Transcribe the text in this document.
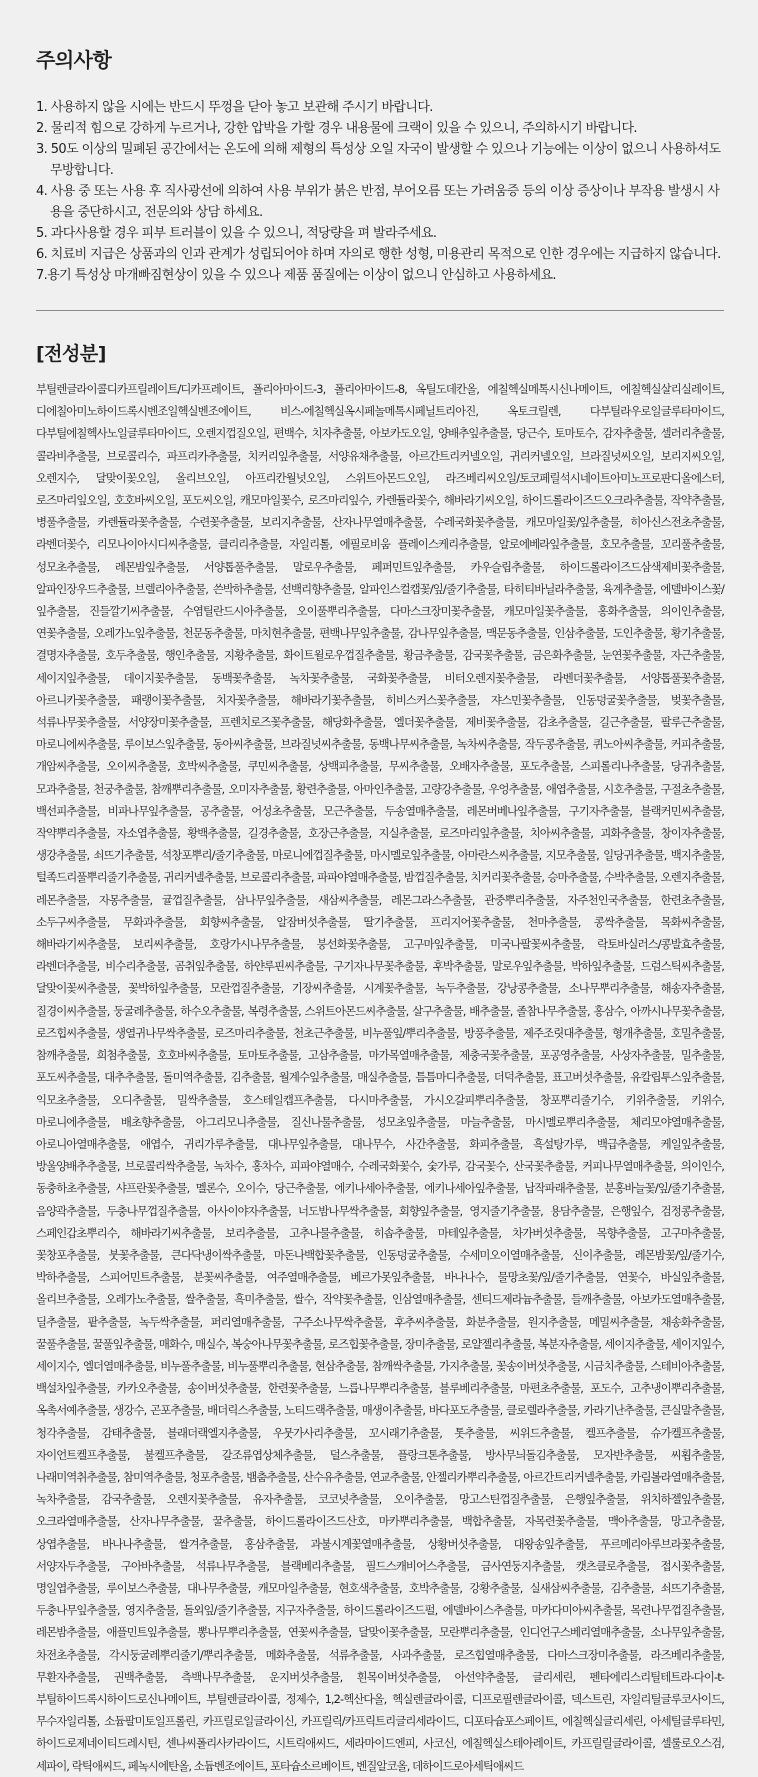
주의사항
1. 사용하지 않을 시에는 반드시 뚜껑을 닫아 놓고 보관해 주시기 바랍니다.
2. 물리적 힘으로 강하게 누르거나, 강한 압박을 가할 경우 내용물에 크랙이 있을 수 있으니, 주의하시기 바랍니다.
3. 50도 이상의 밀폐된 공간에서는 온도에 의해 제형의 특성상 오일 자국이 발생할 수 있으나 기능에는 이상이 없으니 사용하셔도 무방합니다.
4. 사용 중 또는 사용 후 직사광선에 의하여 사용 부위가 붉은 반점, 부어오름 또는 가려움증 등의 이상 증상이나 부작용 발생시 사용을 중단하시고, 전문의와 상담 하세요.
5. 과다사용할 경우 피부 트러블이 있을 수 있으니, 적당량을 펴 발라주세요.
6. 치료비 지급은 상품과의 인과 관계가 성립되어야 하며 자의로 행한 성형, 미용관리 목적으로 인한 경우에는 지급하지 않습니다.
7.용기 특성상 마개빠짐현상이 있을 수 있으나 제품 품질에는 이상이 없으니 안심하고 사용하세요.
[전성분]

부틸렌글라이콜디카프릴레이트/디카프레이트, 폴리아마이드-3, 폴리아마이드-8, 옥틸도데칸올, 에칠헥실메톡시신나메이트, 에칠헥실살리실레이트, 디에칠아미노하이드록시벤조일헥실벤조에이트, 비스-에칠헥실옥시페놀메톡시페닐트리아진, 옥토크릴렌, 다부틸라우로일글루타마이드, 다부틸에칠헥사노일글루타마이드, 오렌지껍질오일, 편백수, 치자추출물, 아보카도오일, 양배추잎추출물, 당근수, 토마토수, 감자추출물, 셀러리추출물, 콜라비추출물, 브로콜리수, 파프리카추출물, 치커리잎추출물, 서양유채추출물, 아르간트리커넬오일, 귀리커넬오일, 브라질넛씨오일, 보리지씨오일, 오렌지수, 달맞이꽃오일, 올리브오일, 아프리칸월넛오일, 스위트아몬드오일, 라즈베리씨오일/토코페릴석시네이트아미노프로판디올에스터, 로즈마리잎오일, 호호바씨오일, 포도씨오일, 캐모마일꽃수, 로즈마리잎수, 카렌듈라꽃수, 해바라기씨오일, 하이드롤라이즈드오크라추출물, 작약추출물, 병풀추출물, 카렌듈라꽃추출물, 수련꽃추출물, 보리지추출물, 산자나무열매추출물, 수레국화꽃추출물, 캐모마일꽃/잎추출물, 히아신스전초추출물, 라벤더꽃수, 리모나이아시디씨추출물, 클리리추출물, 자일리톨, 에필로비움 플레이스케리추출물, 알로에베라잎추출물, 호모추출물, 꼬리풀추출물, 성모초추출물, 레몬밤잎추출물, 서양톱풀추출물, 말로우추출물, 페퍼민트잎추출물, 카우슬립추출물, 하이드롤라이즈드삼색제비꽃추출물, 알파인장우드추출물, 브렐리아추출물, 쓴박하추출물, 선백리향추출물, 알파인스컬캡꽃/잎/줄기추출물, 타히티바닐라추출물, 육계추출물, 에델바이스꽃/잎추출물, 진들깔기씨추출물, 수염틸란드시아추출물, 오이풀뿌리추출물, 다마스크장미꽃추출물, 캐모마일꽃추출물, 홍화추출물, 의이인추출물, 연꽃추출물, 오레가노잎추출물, 천문동추출물, 마치현추출물, 편백나무잎추출물, 감나무잎추출물, 맥문동추출물, 인삼추출물, 도인추출물, 황기추출물, 결명자추출물, 호두추출물, 행인추출물, 지황추출물, 화이트윌로우껍질추출물, 황금추출물, 감국꽃추출물, 금은화추출물, 눈연꽃추출물, 자근추출물, 세이지잎추출물, 데이지꽃추출물, 동백꽃추출물, 녹차꽃추출물, 국화꽃추출물, 비터오렌지꽃추출물, 라벤더꽃추출물, 서양톱풀꽃추출물, 아르니카꽃추출물, 패랭이꽃추출물, 치자꽃추출물, 해바라기꽃추출물, 히비스커스꽃추출물, 쟈스민꽃추출물, 인동덩굴꽃추출물, 벚꽃추출물, 석류나무꽃추출물, 서양장미꽃추출물, 프렌치로즈꽃추출물, 해당화추출물, 엘더꽃추출물, 제비꽃추출물, 감초추출물, 길근추출물, 팔루근추출물, 마로니에씨추출물, 루이보스잎추출물, 동아씨추출물, 브라질넛씨추출물, 동백나무씨추출물, 녹차씨추출물, 작두콩추출물, 퀴노아씨추출물, 커피추출물, 개암씨추출물, 오이씨추출물, 호박씨추출물, 쿠민씨추출물, 상백피추출물, 무씨추출물, 오배자추출물, 포도추출물, 스피롤리나추출물, 당귀추출물, 모과추출물, 천궁추출물, 참깨뿌리추출물, 오미자추출물, 황련추출물, 아마인추출물, 고량강추출물, 우엉추출물, 애엽추출물, 시호추출물, 구절초추출물, 백선피추출물, 비파나무잎추출물, 공추출물, 어성초추출물, 모근추출물, 두송열매추출물, 레몬버베나잎추출물, 구기자추출물, 블랙커민씨추출물, 작약뿌리추출물, 자소엽추출물, 황백추출물, 길경추출물, 호장근추출물, 지실추출물, 로즈마리잎추출물, 치아씨추출물, 괴화추출물, 창이자추출물, 생강추출물, 쇠뜨기추출물, 석창포뿌리/줄기추출물, 마로니에껍질추출물, 마시멜로잎추출물, 아마란스씨추출물, 지모추출물, 일당귀추출물, 백지추출물, 털족드리풀뿌리줄기추출물, 귀리커넬추출물, 브로콜리추출물, 파파야열매추출물, 밤껍질추출물, 치커리꽃추출물, 승마추출물, 수박추출물, 오렌지추출물, 레몬추출물, 자몽추출물, 귤껍질추출물, 삼나무잎추출물, 새삼씨추출물, 레몬그라스추출물, 관중뿌리추출물, 자주천인국추출물, 한련초추출물, 소두구씨추출물, 무화과추출물, 회향씨추출물, 알잠버섯추출물, 딸기추출물, 프리지어꽃추출물, 천마추출물, 콩싹추출물, 목화씨추출물, 해바라기씨추출물, 보리씨추출물, 호랑가시나무추출물, 붕선화꽃추출물, 고구마잎추출물, 미국나팔꽃씨추출물, 락토바실러스/콩발효추출물, 라벤더추출물, 비수리추출물, 곰취잎추출물, 하얀루핀씨추출물, 구기자나무꽃추출물, 후박추출물, 말로우잎추출물, 박하잎추출물, 드럼스틱씨추출물, 달맞이꽃씨추출물, 꽃박하잎추출물, 모란껍질추출물, 기장씨추출물, 시계꽃추출물, 녹두추출물, 강낭콩추출물, 소나무뿌리추출물, 해송자추출물, 질경이씨추출물, 둥굴레추출물, 하수오추출물, 복령추출물, 스위트아몬드씨추출물, 살구추출물, 배추출물, 졸참나무추출물, 홍삼수, 아까시나무꽃추출물, 로즈힙씨추출물, 생열귀나무싹추출물, 로즈마리추출물, 천초근추출물, 비누풀잎/뿌리추출물, 방풍추출물, 제주조릿대추출물, 형개추출물, 호밀추출물, 참깨추출물, 희첨추출물, 호호바씨추출물, 토마토추출물, 고삼추출물, 마가목열매추출물, 제충국꽃추출물, 포공영추출물, 사상자추출물, 밀추출물, 포도씨추출물, 대추추출물, 돌미역추출물, 김추출물, 월계수잎추출물, 매실추출물, 틈틈마디추출물, 더덕추출물, 표고버섯추출물, 유칼립투스잎추출물, 익모초추출물, 오디추출물, 밀싹추출물, 호스테일캡프추출물, 다시마추출물, 가시오갈피뿌리추출물, 창포뿌리줄기수, 키위추출물, 키위수, 마로니에추출물, 배초향추출물, 아그리모니추출물, 질신나물추출물, 성모초잎추출물, 마늘추출물, 마시멜로뿌리추출물, 체리모야열매추출물, 아로니아열매추출물, 애엽수, 귀리가루추출물, 대나무잎추출물, 대나무수, 사간추출물, 화피추출물, 흑설탕가루, 백급추출물, 케일잎추출물, 방울양배추추출물, 브로콜리싹추출물, 녹차수, 홍차수, 피파야열매수, 수레국화꽃수, 숯가루, 감국꽃수, 산국꽃추출물, 커피나무열매추출물, 의이인수, 동충하초추출물, 샤프란꽃추출물, 멜론수, 오이수, 당근추출물, 에키나세아추출물, 에키나세아잎추출물, 납작파래추출물, 분홍바늘꽃/잎/줄기추출물, 음양곽추출물, 두충나무껍질추출물, 아사이야자추출물, 너도밤나무싹추출물, 회향잎추출물, 영지줄기추출물, 용담추출물, 은행잎수, 검정콩추출물, 스페인갑초뿌리수, 해바라기씨추출물, 보리추출물, 고추나물추출물, 히솝추출물, 마테잎추출물, 차가버섯추출물, 목향추출물, 고구마추출물, 꽃창포추출물, 붓꽃추출물, 큰다닥냉이싹추출물, 마돈나백합꽃추출물, 인동덩굴추출물, 수세미오이열매추출물, 신이추출물, 레몬밤꽃/잎/줄기수, 박하추출물, 스피어민트추출물, 분꽃씨추출물, 여주열매추출물, 베르가못잎추출물, 바나나수, 물망초꽃/잎/줄기추출물, 연꽃수, 바실잎추출물, 올리브추출물, 오레가노추출물, 쌀추출물, 흑미추출물, 쌀수, 작약꽃추출물, 인삼열매추출물, 센티드제라늄추출물, 들깨추출물, 아보카도열매추출물, 딜추출물, 팥추출물, 녹두싹추출물, 퍼리열매추출물, 구주소나무싹추출물, 후추씨추출물, 화분추출물, 원지추출물, 메밀씨추출물, 채송화추출물, 꿀풀추출물, 꿀풀잎추출물, 매화수, 매실수, 복숭아나무꽃추출물, 로즈힙꽃추출물, 장미추출물, 로얄젤리추출물, 복분자추출물, 세이지추출물, 세이지잎수, 세이지수, 엘더열매추출물, 비누풀추출물, 비누풀뿌리추출물, 현삼추출물, 참깨싹추출물, 가지추출물, 꽃송이버섯추출물, 시금치추출물, 스테비아추출물, 백설차잎추출물, 카카오추출물, 송이버섯추출물, 한련꽃추출물, 느릅나무뿌리추출물, 블루베리추출물, 마편초추출물, 포도수, 고추냉이뿌리추출물, 옥촉서예추출물, 생강수, 곤포추출물, 배더릭스추출물, 노티드랙추출물, 매생이추출물, 바다포도추출물, 클로렐라추출물, 카라기난추출물, 큰실말추출물, 청각추출물, 감태추출물, 블래더랙엘지추출물, 우뭇가사리추출물, 꼬시래기추출물, 톳추출물, 씨위드추출물, 켈프추출물, 슈가켈프추출물, 자이언트켈프추출물, 불켈프추출물, 갈조류엽상체추출물, 덜스추출물, 플랑크톤추출물, 방사무늬돌김추출물, 모자반추출물, 씨횝추출물, 나래미역취추출물, 참미역추출물, 청포추출물, 뱀춤추출물, 산수유추출물, 연교추출물, 안젤리카뿌리추출물, 아르간트리커넬추출물, 카림볼라열매추출물, 녹차추출물, 감국추출물, 오렌지꽃추출물, 유자추출물, 코코넛추출물, 오이추출물, 망고스틴껍질추출물, 은행잎추출물, 위치하젤잎추출물, 오크라열매추출물, 산자나무추출물, 꿀추출물, 하이드롤라이즈드산호, 마카뿌리추출물, 백합추출물, 자목련꽃추출물, 맥아추출물, 망고추출물, 상엽추출물, 바나나추출물, 쌀겨추출물, 홍삼추출물, 과불시계꽃열매추출물, 상황버섯추출물, 대왕송잎추출물, 푸르메리아루브라꽃추출물, 서양자두추출물, 구아바추출물, 석류나무추출물, 블랙베리추출물, 필드스캐비어스추출물, 금사연둥지추출물, 캣츠클로추출물, 접시꽃추출물, 명일엽추출물, 루이보스추출물, 대나무추출물, 캐모마일추출물, 현호색추출물, 호박추출물, 강황추출물, 실새삼씨추출물, 김추출물, 쇠뜨기추출물, 두충나무잎추출물, 영지추출물, 돌외잎/줄기추출물, 지구자추출물, 하이드롤라이즈드펄, 에델바이스추출물, 마카다미아씨추출물, 목련나무껍질추출물, 레몬밤추출물, 애플민트잎추출물, 뽕나무뿌리추출물, 연꽃씨추출물, 달맞이꽃추출물, 모란뿌리추출물, 인디언구스베리열매추출물, 소나무잎추출물, 차전초추출물, 각시둥굴레뿌리줄기/뿌리추출물, 메화추출물, 석류추출물, 사과추출물, 로즈힙열매추출물, 다마스크장미추출물, 라즈베리추출물, 무환자추출물, 권백추출물, 측백나무추출물, 운지버섯추출물, 흰목이버섯추출물, 아선약추출물, 글리세린, 펜타에리스리틸테트라-다이-t-부틸하이드록시하이드로신나메이트, 부틸렌글라이콜, 정제수, 1,2-헥산다올, 헥실렌글라이콜, 디프로필렌글라이콜, 덱스트린, 자일리틸글루코사이드, 무수자일리톨, 소듐팔미토일프롤린, 카프릴로일글라이신, 카프릴릭/카프릭트리글리세라이드, 디포타슘포스페이트, 에칠헥실글리세린, 아세틸글루타민, 하이드로제네이티드레시틴, 센나씨폴리사카라이드, 시트릭애씨드, 세라마이드엔피, 사코신, 에칠헥실스테아레이트, 카프릴릴글라이콜, 셀룰로오스검, 세파이, 락틱애씨드, 페녹시에탄올, 소듐벤조에이트, 포타슘소르베이트, 벤질알코올, 데하이드로아세틱애씨드
